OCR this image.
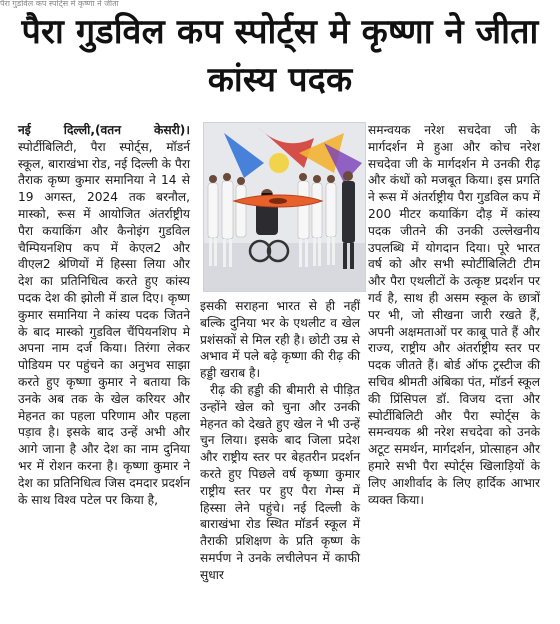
पैरा गुडविल कप स्पोर्ट्स मे कृष्णा ने जीता
पैरा गुडविल कप स्पोर्ट्स मे कृष्णा ने जीता
कांस्य पदक

नई दिल्ली,(वतन केसरी)। स्पोर्टीबिलिटी, पैरा स्पोर्ट्स, मॉडर्न स्कूल, बाराखंभा रोड, नई दिल्ली के पैरा तैराक कृष्ण कुमार समानिया ने 14 से 19 अगस्त, 2024 तक बरनौल, मास्को, रूस में आयोजित अंतर्राष्ट्रीय पैरा कयाकिंग और कैनोइंग गुडविल चैम्पियनशिप कप में केएल2 और वीएल2 श्रेणियों में हिस्सा लिया और देश का प्रतिनिधित्व करते हुए कांस्य पदक देश की झोली में डाल दिए। कृष्ण कुमार समानिया ने कांस्य पदक जितने के बाद मास्को गुडविल चैंपियनशिप मे अपना नाम दर्ज किया। तिरंगा लेकर पोडियम पर पहुंचने का अनुभव साझा करते हुए कृष्णा कुमार ने बताया कि उनके अब तक के खेल करियर और मेहनत का पहला परिणाम और पहला पड़ाव है। इसके बाद उन्हें अभी और आगे जाना है और देश का नाम दुनिया भर में रोशन करना है। कृष्णा कुमार ने देश का प्रतिनिधित्व जिस दमदार प्रदर्शन के साथ विश्व पटेल पर किया है,

इसकी सराहना भारत से ही नहीं बल्कि दुनिया भर के एथलीट व खेल प्रशंसकों से मिल रही है। छोटी उम्र से अभाव में पले बढ़े कृष्णा की रीढ़ की हड्डी खराब है।

रीढ़ की हड्डी की बीमारी से पीड़ित उन्होंने खेल को चुना और उनकी मेहनत को देखते हुए खेल ने भी उन्हें चुन लिया। इसके बाद जिला प्रदेश और राष्ट्रीय स्तर पर बेहतरीन प्रदर्शन करते हुए पिछले वर्ष कृष्णा कुमार राष्ट्रीय स्तर पर हुए पैरा गेम्स में हिस्सा लेने पहुंचे। नई दिल्ली के बाराखंभा रोड स्थित मॉडर्न स्कूल में तैराकी प्रशिक्षण के प्रति कृष्ण के समर्पण ने उनके लचीलेपन में काफी सुधार

समन्वयक नरेश सचदेवा जी के मार्गदर्शन मे हुआ और कोच नरेश सचदेवा जी के मार्गदर्शन मे उनकी रीढ़ और कंधों को मजबूत किया। इस प्रगति ने रूस में अंतर्राष्ट्रीय पैरा गुडविल कप में 200 मीटर कयाकिंग दौड़ में कांस्य पदक जीतने की उनकी उल्लेखनीय उपलब्धि में योगदान दिया। पूरे भारत वर्ष को और सभी स्पोर्टीबिलिटी टीम और पैरा एथलीटों के उत्कृष्ट प्रदर्शन पर गर्व है, साथ ही असम स्कूल के छात्रों पर भी, जो सीखना जारी रखते हैं, अपनी अक्षमताओं पर काबू पाते हैं और राज्य, राष्ट्रीय और अंतर्राष्ट्रीय स्तर पर पदक जीतते हैं। बोर्ड ऑफ ट्रस्टीज की सचिव श्रीमती अंबिका पंत, मॉडर्न स्कूल की प्रिंसिपल डॉ. विजय दत्ता और स्पोर्टीबिलिटी और पैरा स्पोर्ट्स के समन्वयक श्री नरेश सचदेवा को उनके अटूट समर्थन, मार्गदर्शन, प्रोत्साहन और हमारे सभी पैरा स्पोर्ट्स खिलाड़ियों के लिए आशीर्वाद के लिए हार्दिक आभार व्यक्त किया।
